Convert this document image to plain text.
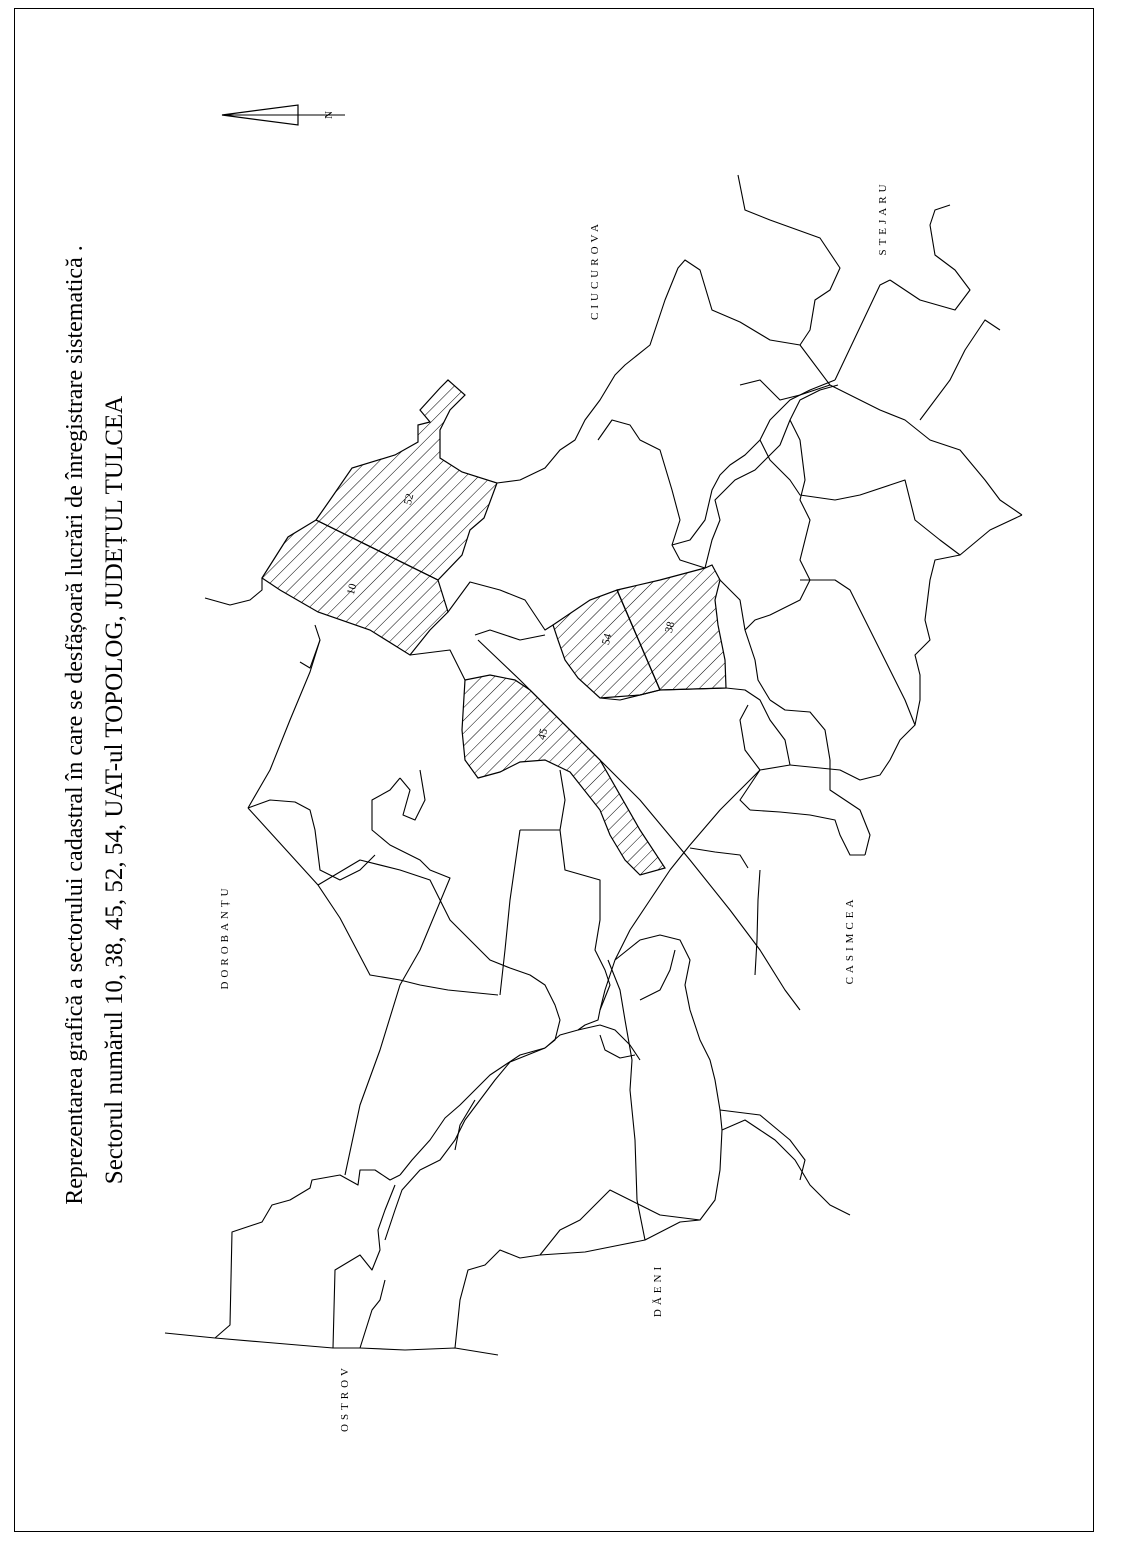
Reprezentarea grafică a sectorului cadastral în care se desfășoară lucrări de înregistrare sistematică . Sectorul numărul 10, 38, 45, 52, 54, UAT-ul TOPOLOG, JUDEȚUL TULCEA
N
52
10
54
38
45
CIUCUROVA
STEJARU
DOROBANȚU	CASIMCEA
DĂENI
OSTROV
